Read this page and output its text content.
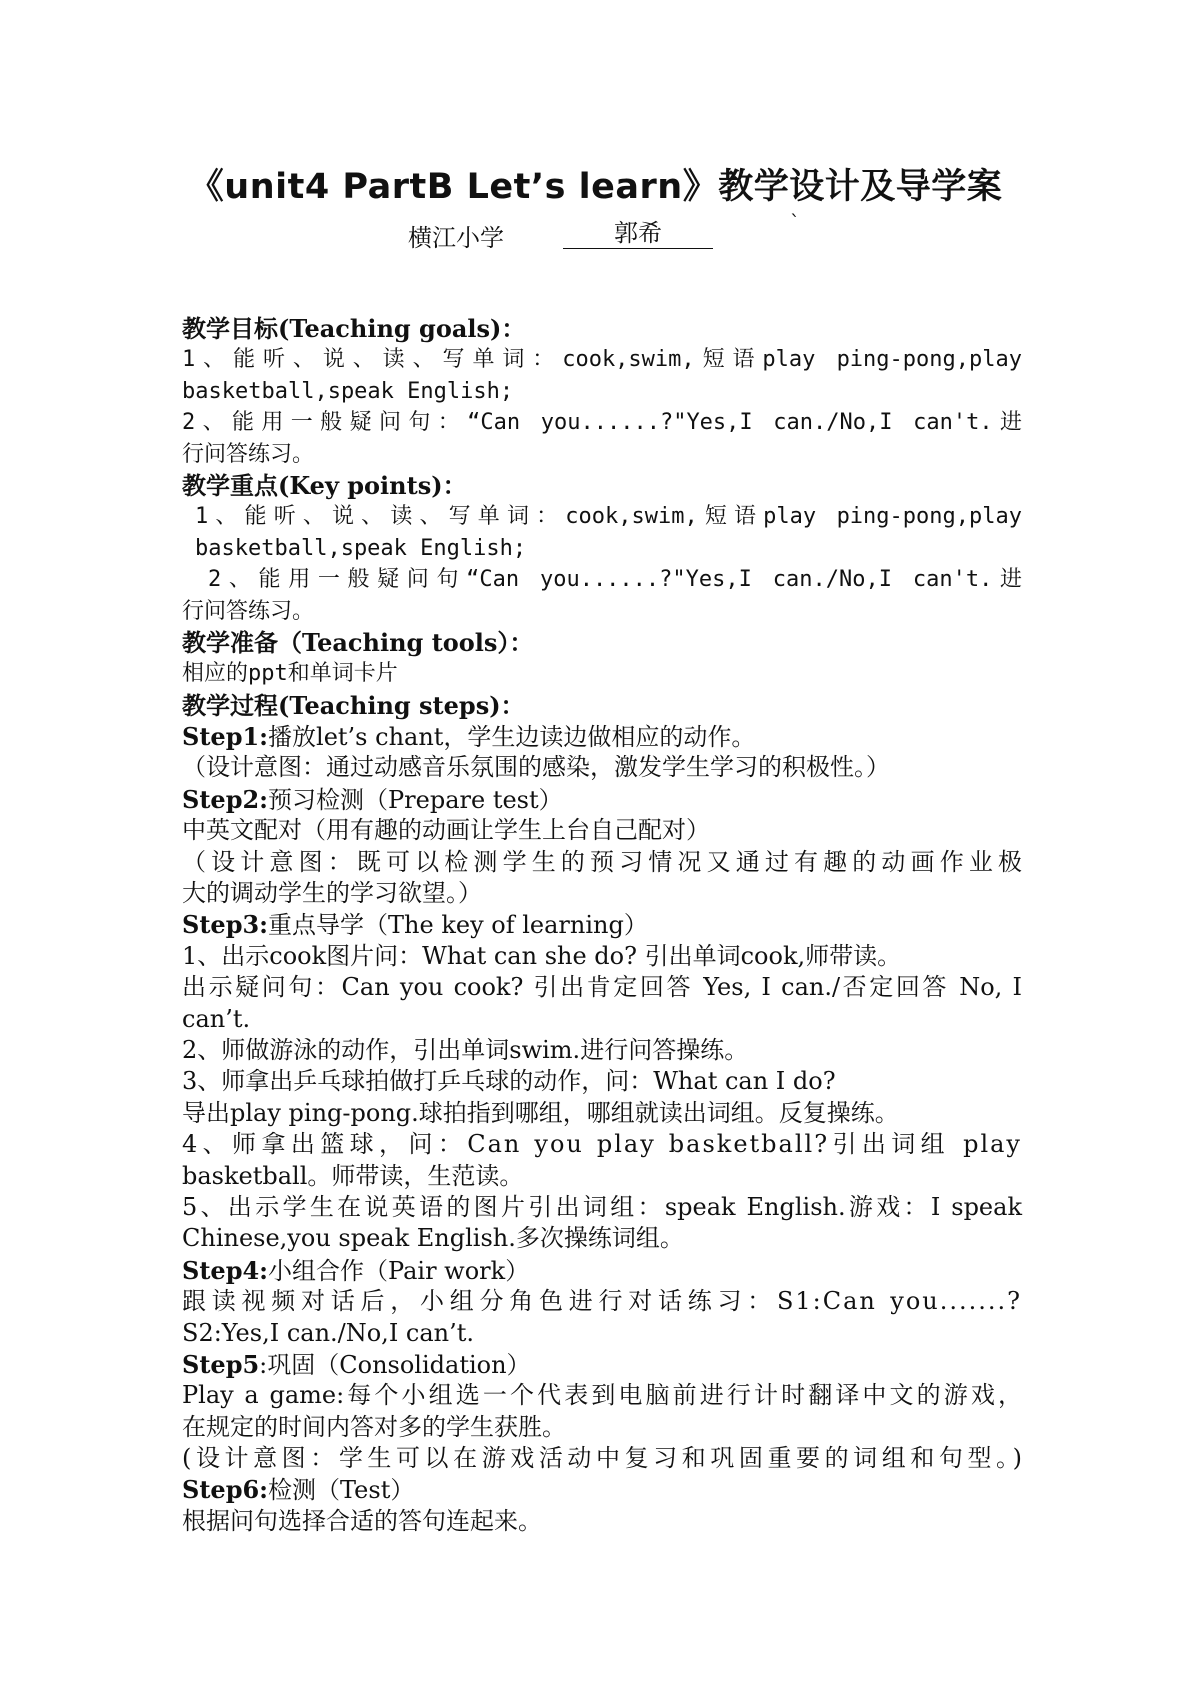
《unit4 PartB Let’s learn》教学设计及导学案
横江小学	郭希	`
教学目标(Teaching goals)：
1、能听、说、读、写单词：cook,swim,短语play ping-pong,play
basketball,speak English;
2、能用一般疑问句：“Can you......?"Yes,I can./No,I can't.进
行问答练习。
教学重点(Key points)：
1、能听、说、读、写单词：cook,swim,短语play ping-pong,play
basketball,speak English;
2、能用一般疑问句“Can you......?"Yes,I can./No,I can't.进
行问答练习。
教学准备（Teaching tools）：
相应的ppt和单词卡片
教学过程(Teaching steps)：
Step1:播放let’s chant，学生边读边做相应的动作。
（设计意图：通过动感音乐氛围的感染，激发学生学习的积极性。）
Step2:预习检测（Prepare test）
中英文配对（用有趣的动画让学生上台自己配对）
（设计意图：既可以检测学生的预习情况又通过有趣的动画作业极
大的调动学生的学习欲望。）
Step3:重点导学（The key of learning）
1、出示cook图片问：What can she do? 引出单词cook,师带读。
出示疑问句：Can you cook? 引出肯定回答 Yes, I can./否定回答 No, I
can’t.
2、师做游泳的动作，引出单词swim.进行问答操练。
3、师拿出乒乓球拍做打乒乓球的动作，问：What can I do?
导出play ping-pong.球拍指到哪组，哪组就读出词组。反复操练。
4、师拿出篮球，问：Can you play basketball?引出词组 play
basketball。师带读，生范读。
5、出示学生在说英语的图片引出词组：speak English.游戏：I speak
Chinese,you speak English.多次操练词组。
Step4:小组合作（Pair work）
跟读视频对话后，小组分角色进行对话练习：S1:Can you.......?
S2:Yes,I can./No,I can’t.
Step5:巩固（Consolidation）
Play a game:每个小组选一个代表到电脑前进行计时翻译中文的游戏，
在规定的时间内答对多的学生获胜。
(设计意图：学生可以在游戏活动中复习和巩固重要的词组和句型。)
Step6:检测（Test）
根据问句选择合适的答句连起来。
